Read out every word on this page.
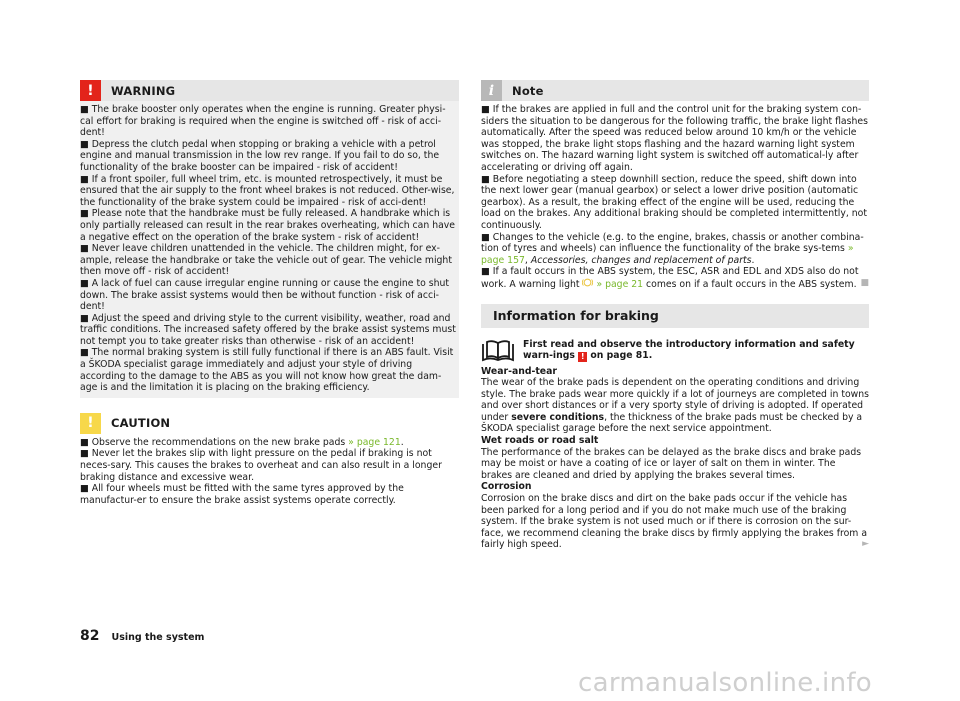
!	WARNING

■ The brake booster only operates when the engine is running. Greater physi-cal effort for braking is required when the engine is switched off - risk of acci-dent!

■ Depress the clutch pedal when stopping or braking a vehicle with a petrol engine and manual transmission in the low rev range. If you fail to do so, the functionality of the brake booster can be impaired - risk of accident!

■ If a front spoiler, full wheel trim, etc. is mounted retrospectively, it must be ensured that the air supply to the front wheel brakes is not reduced. Other-wise, the functionality of the brake system could be impaired - risk of acci-dent!

■ Please note that the handbrake must be fully released. A handbrake which is only partially released can result in the rear brakes overheating, which can have a negative effect on the operation of the brake system - risk of accident!

■ Never leave children unattended in the vehicle. The children might, for ex-ample, release the handbrake or take the vehicle out of gear. The vehicle might then move off - risk of accident!

■ A lack of fuel can cause irregular engine running or cause the engine to shut down. The brake assist systems would then be without function - risk of acci-dent!

■ Adjust the speed and driving style to the current visibility, weather, road and traffic conditions. The increased safety offered by the brake assist systems must not tempt you to take greater risks than otherwise - risk of an accident!

■ The normal braking system is still fully functional if there is an ABS fault. Visit a ŠKODA specialist garage immediately and adjust your style of driving according to the damage to the ABS as you will not know how great the dam-age is and the limitation it is placing on the braking efficiency.

!	CAUTION

■ Observe the recommendations on the new brake pads » page 121.

■ Never let the brakes slip with light pressure on the pedal if braking is not neces-sary. This causes the brakes to overheat and can also result in a longer braking distance and excessive wear.

■ All four wheels must be fitted with the same tyres approved by the manufactur-er to ensure the brake assist systems operate correctly.

i	Note

■ If the brakes are applied in full and the control unit for the braking system con-siders the situation to be dangerous for the following traffic, the brake light flashes automatically. After the speed was reduced below around 10 km/h or the vehicle was stopped, the brake light stops flashing and the hazard warning light system switches on. The hazard warning light system is switched off automatical-ly after accelerating or driving off again.

■ Before negotiating a steep downhill section, reduce the speed, shift down into the next lower gear (manual gearbox) or select a lower drive position (automatic gearbox). As a result, the braking effect of the engine will be used, reducing the load on the brakes. Any additional braking should be completed intermittently, not continuously.

■ Changes to the vehicle (e.g. to the engine, brakes, chassis or another combina-tion of tyres and wheels) can influence the functionality of the brake sys-tems » page 157, Accessories, changes and replacement of parts.

■ If a fault occurs in the ABS system, the ESC, ASR and EDL and XDS also do not work. A warning light  » page 21 comes on if a fault occurs in the ABS system. ■

Information for braking
First read and observe the introductory information and safety warn-ings ! on page 81.

Wear-and-tear

The wear of the brake pads is dependent on the operating conditions and driving style. The brake pads wear more quickly if a lot of journeys are completed in towns and over short distances or if a very sporty style of driving is adopted. If operated under severe conditions, the thickness of the brake pads must be checked by a ŠKODA specialist garage before the next service appointment.

Wet roads or road salt

The performance of the brakes can be delayed as the brake discs and brake pads may be moist or have a coating of ice or layer of salt on them in winter. The brakes are cleaned and dried by applying the brakes several times.

Corrosion

Corrosion on the brake discs and dirt on the bake pads occur if the vehicle has been parked for a long period and if you do not make much use of the braking system. If the brake system is not used much or if there is corrosion on the sur-face, we recommend cleaning the brake discs by firmly applying the brakes from a fairly high speed.	►

82 Using the system
carmanualsonline.info
